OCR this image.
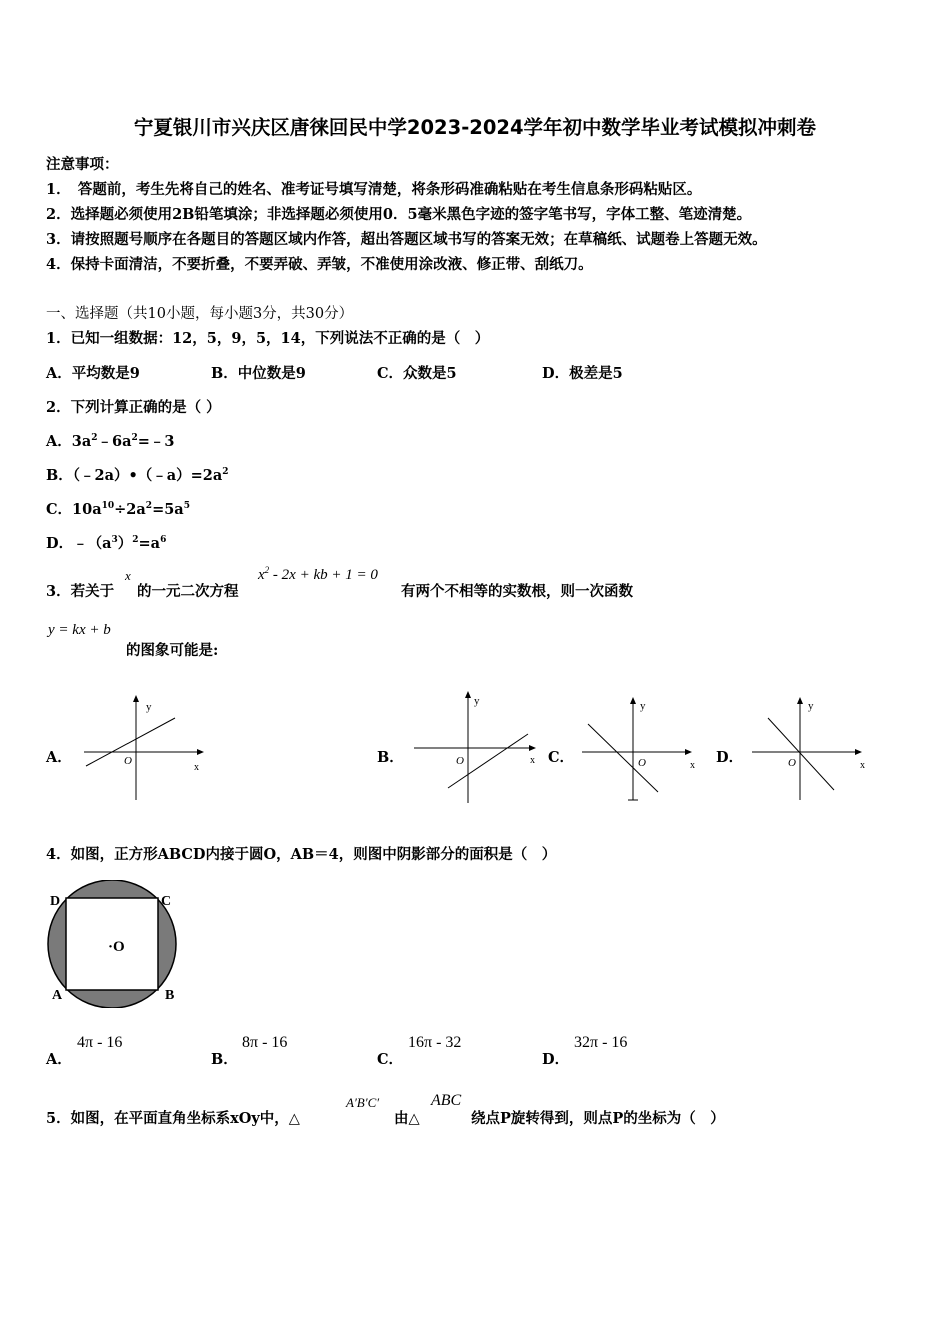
宁夏银川市兴庆区唐徕回民中学2023-2024学年初中数学毕业考试模拟冲刺卷
注意事项：
1．　答题前，考生先将自己的姓名、准考证号填写清楚，将条形码准确粘贴在考生信息条形码粘贴区。
2．选择题必须使用2B铅笔填涂；非选择题必须使用0．5毫米黑色字迹的签字笔书写，字体工整、笔迹清楚。
3．请按照题号顺序在各题目的答题区域内作答，超出答题区域书写的答案无效；在草稿纸、试题卷上答题无效。
4．保持卡面清洁，不要折叠，不要弄破、弄皱，不准使用涂改液、修正带、刮纸刀。
一、选择题（共10小题，每小题3分，共30分）
1．已知一组数据：12，5，9，5，14，下列说法不正确的是（　）
A．平均数是9	B．中位数是9	C．众数是5	D．极差是5
2．下列计算正确的是（ ）
A．$3a^2﹣6a^2=﹣3$
B．$(﹣2a)•(﹣a)=2a^2$
C．$10a^{10}\div 2a^2=5a^5$
D．$﹣(a^3)^2=a^6$
3．若关于
x
的一元二次方程
$x^2 - 2x$ + kb + 1 = 0
有两个不相等的实数根，则一次函数
y = kx + b
的图象可能是:
A．	B．	C．	D．
y
x
O
y
x
O
y
x
O
y
x
O
4．如图，正方形ABCD内接于圆O，AB＝4，则图中阴影部分的面积是（　）
D	C
A	B
·O
A．
4π - 16
B．
8π - 16
C．
16π - 32
D．
32π - 16
5．如图，在平面直角坐标系xOy中，△
A′B′C′
由△
ABC
绕点P旋转得到，则点P的坐标为（　）
